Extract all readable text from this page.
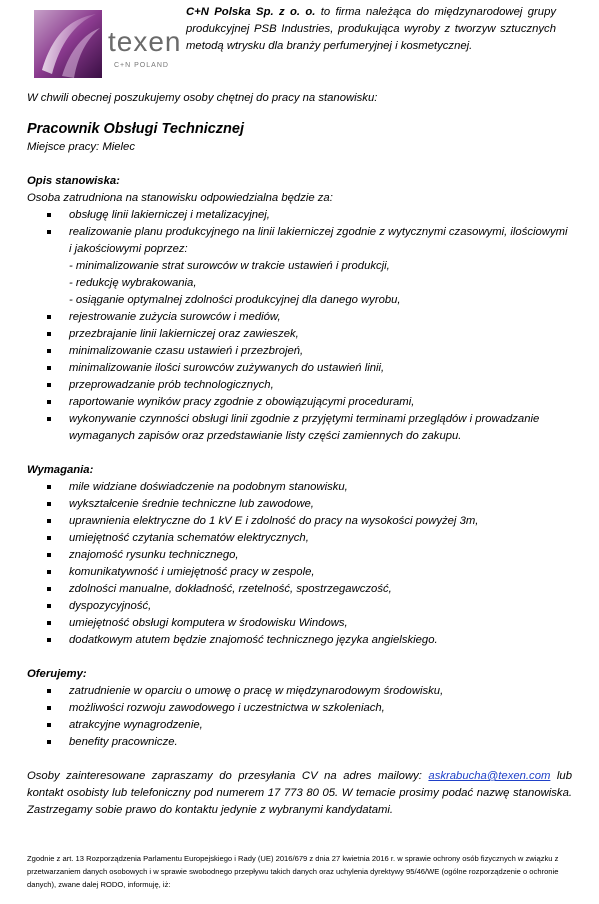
texen
C+N POLAND

C+N Polska Sp. z o. o. to firma należąca do międzynarodowej grupy produkcyjnej PSB Industries, produkująca wyroby z tworzyw sztucznych metodą wtrysku dla branży perfumeryjnej i kosmetycznej.

W chwili obecnej poszukujemy osoby chętnej do pracy na stanowisku:

Pracownik Obsługi Technicznej

Miejsce pracy: Mielec

Opis stanowiska:

Osoba zatrudniona na stanowisku odpowiedzialna będzie za:

obsługę linii lakierniczej i metalizacyjnej,
realizowanie planu produkcyjnego na linii lakierniczej zgodnie z wytycznymi czasowymi, ilościowymi i jakościowymi poprzez:
- minimalizowanie strat surowców w trakcie ustawień i produkcji,
- redukcję wybrakowania,
- osiąganie optymalnej zdolności produkcyjnej dla danego wyrobu,
rejestrowanie zużycia surowców i mediów,
przezbrajanie linii lakierniczej oraz zawieszek,
minimalizowanie czasu ustawień i przezbrojeń,
minimalizowanie ilości surowców zużywanych do ustawień linii,
przeprowadzanie prób technologicznych,
raportowanie wyników pracy zgodnie z obowiązującymi procedurami,
wykonywanie czynności obsługi linii zgodnie z przyjętymi terminami przeglądów i prowadzanie wymaganych zapisów oraz przedstawianie listy części zamiennych do zakupu.

Wymagania:

mile widziane doświadczenie na podobnym stanowisku,
wykształcenie średnie techniczne lub zawodowe,
uprawnienia elektryczne do 1 kV E i zdolność do pracy na wysokości powyżej 3m,
umiejętność czytania schematów elektrycznych,
znajomość rysunku technicznego,
komunikatywność i umiejętność pracy w zespole,
zdolności manualne, dokładność, rzetelność, spostrzegawczość,
dyspozycyjność,
umiejętność obsługi komputera w środowisku Windows,
dodatkowym atutem będzie znajomość technicznego języka angielskiego.

Oferujemy:

zatrudnienie w oparciu o umowę o pracę w międzynarodowym środowisku,
możliwości rozwoju zawodowego i uczestnictwa w szkoleniach,
atrakcyjne wynagrodzenie,
benefity pracownicze.

Osoby zainteresowane zapraszamy do przesyłania CV na adres mailowy: askrabucha@texen.com lub kontakt osobisty lub telefoniczny pod numerem 17 773 80 05. W temacie prosimy podać nazwę stanowiska. Zastrzegamy sobie prawo do kontaktu jedynie z wybranymi kandydatami.

Zgodnie z art. 13 Rozporządzenia Parlamentu Europejskiego i Rady (UE) 2016/679 z dnia 27 kwietnia 2016 r. w sprawie ochrony osób fizycznych w związku z przetwarzaniem danych osobowych i w sprawie swobodnego przepływu takich danych oraz uchylenia dyrektywy 95/46/WE (ogólne rozporządzenie o ochronie danych), zwane dalej RODO, informuję, iż:
